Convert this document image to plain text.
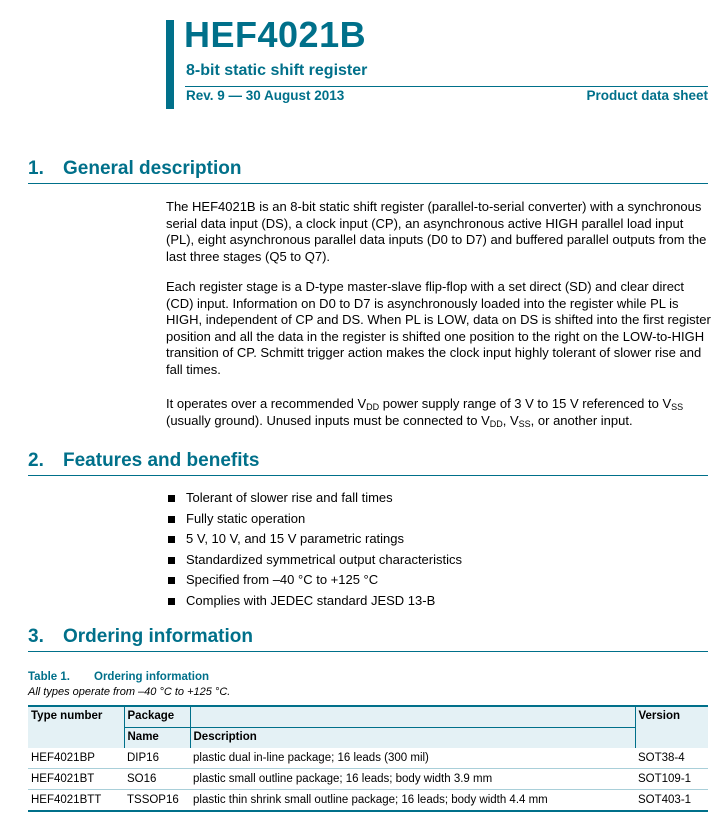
HEF4021B
8-bit static shift register
Rev. 9 — 30 August 2013	Product data sheet
1. General description
The HEF4021B is an 8-bit static shift register (parallel-to-serial converter) with a synchronous serial data input (DS), a clock input (CP), an asynchronous active HIGH parallel load input (PL), eight asynchronous parallel data inputs (D0 to D7) and buffered parallel outputs from the last three stages (Q5 to Q7).
Each register stage is a D-type master-slave flip-flop with a set direct (SD) and clear direct (CD) input. Information on D0 to D7 is asynchronously loaded into the register while PL is HIGH, independent of CP and DS. When PL is LOW, data on DS is shifted into the first register position and all the data in the register is shifted one position to the right on the LOW-to-HIGH transition of CP. Schmitt trigger action makes the clock input highly tolerant of slower rise and fall times.
It operates over a recommended $V_{DD}$ power supply range of 3 V to 15 V referenced to $V_{SS}$ (usually ground). Unused inputs must be connected to $V_{DD}$, $V_{SS}$, or another input.
2. Features and benefits
Tolerant of slower rise and fall times
Fully static operation
5 V, 10 V, and 15 V parametric ratings
Standardized symmetrical output characteristics
Specified from –40 °C to +125 °C
Complies with JEDEC standard JESD 13-B
3. Ordering information
Table 1. Ordering information
All types operate from –40 °C to +125 °C.
Type number	Package		Version
	Name	Description	
HEF4021BP	DIP16	plastic dual in-line package; 16 leads (300 mil)	SOT38-4
HEF4021BT	SO16	plastic small outline package; 16 leads; body width 3.9 mm	SOT109-1
HEF4021BTT	TSSOP16	plastic thin shrink small outline package; 16 leads; body width 4.4 mm	SOT403-1
